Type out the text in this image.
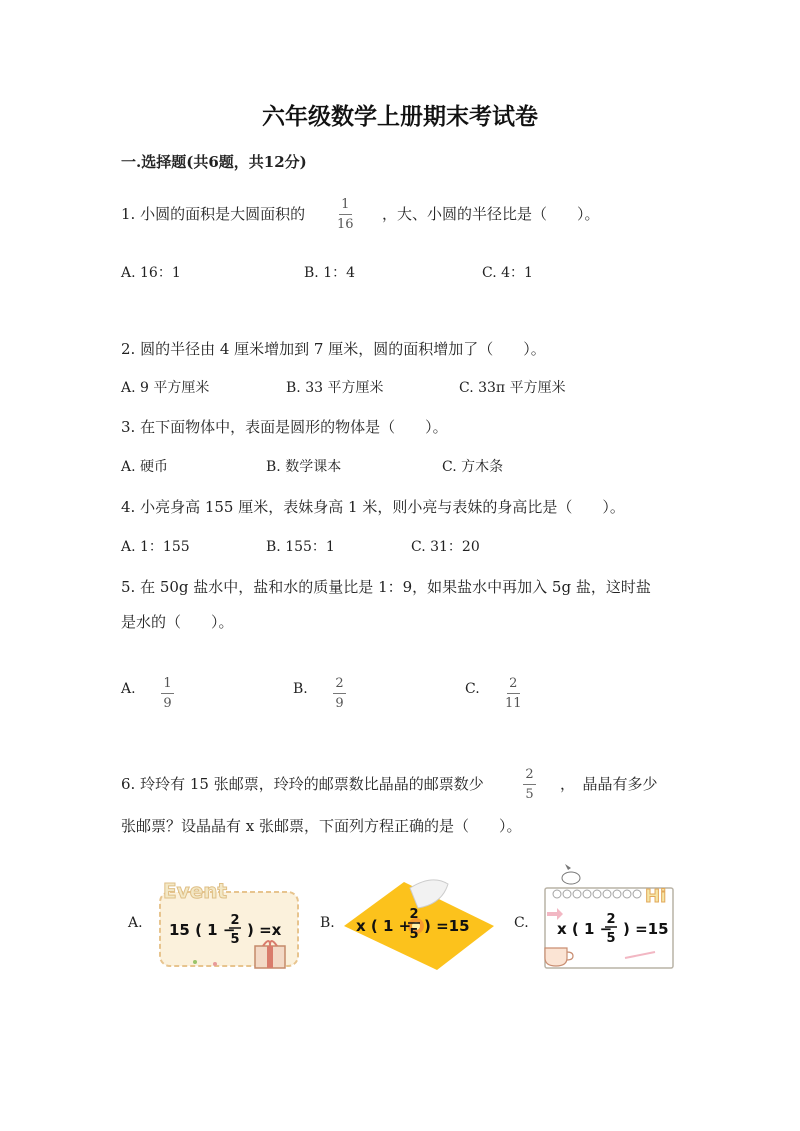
六年级数学上册期末考试卷
一.选择题(共6题，共12分)
1. 小圆的面积是大圆面积的
1
16
，大、小圆的半径比是（　　）。
A. 16：1	B. 1：4	C. 4：1
2. 圆的半径由 4 厘米增加到 7 厘米，圆的面积增加了（　　）。
A. 9 平方厘米	B. 33 平方厘米	C. 33π 平方厘米
3. 在下面物体中，表面是圆形的物体是（　　）。
A. 硬币	B. 数学课本	C. 方木条
4. 小亮身高 155 厘米，表妹身高 1 米，则小亮与表妹的身高比是（　　）。
A. 1：155	B. 155：1	C. 31：20
5. 在 50g 盐水中，盐和水的质量比是 1：9，如果盐水中再加入 5g 盐，这时盐
是水的（　　）。
A. 1
9
B. 2
9
C. 2
11
6. 玲玲有 15 张邮票，玲玲的邮票数比晶晶的邮票数少
2
5
，　晶晶有多少
张邮票？设晶晶有 x 张邮票，下面列方程正确的是（　　）。
A.
Event
15 ( 1 −
2
5
) =x	B. x ( 1 +
2
5 ) =15	C.
Hi
x ( 1 −
2
5
) =15
